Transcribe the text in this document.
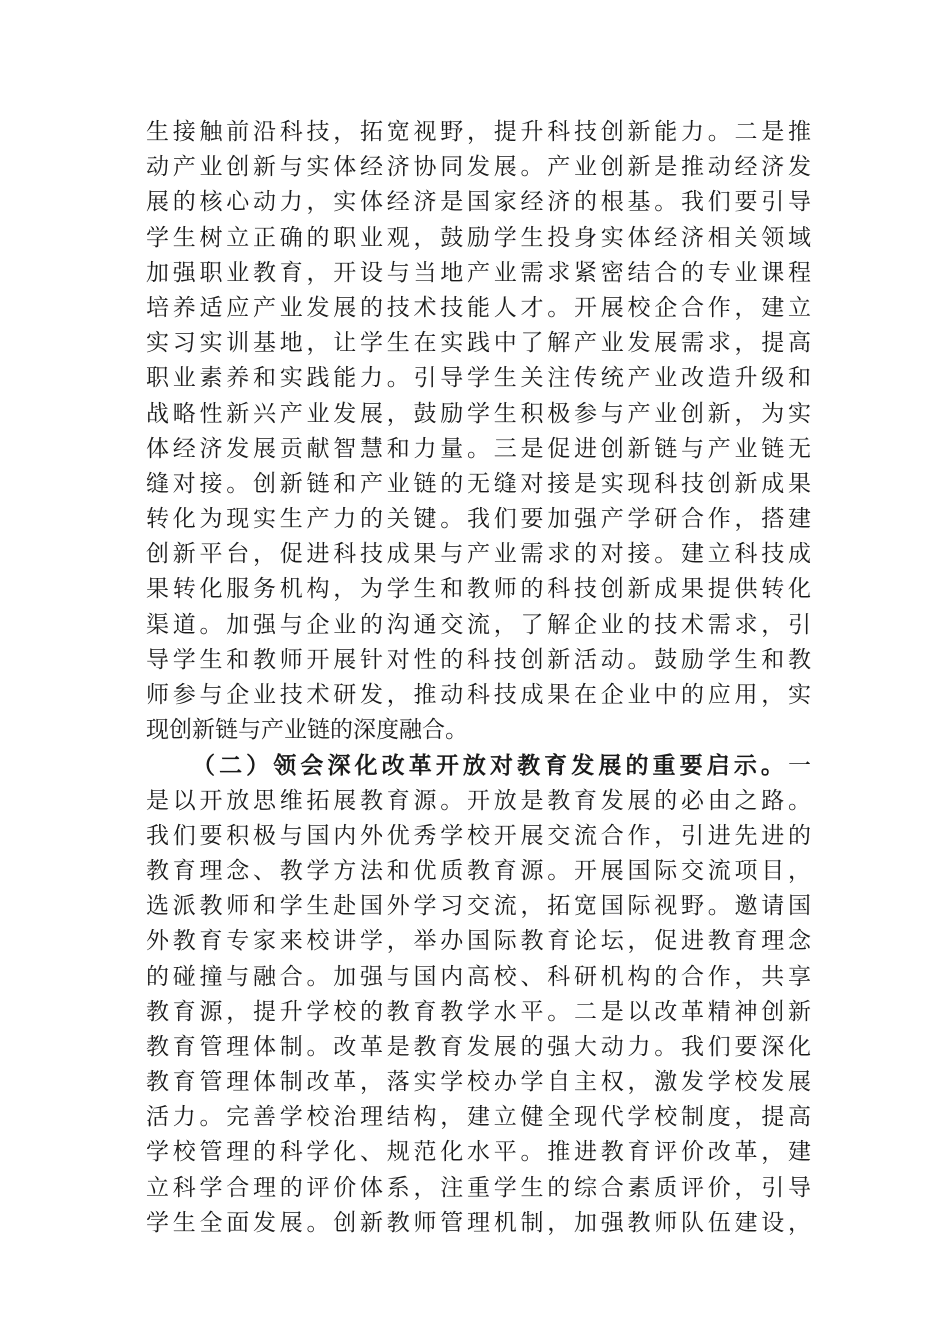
生接触前沿科技，拓宽视野，提升科技创新能力。二是推
动产业创新与实体经济协同发展。产业创新是推动经济发
展的核心动力，实体经济是国家经济的根基。我们要引导
学生树立正确的职业观，鼓励学生投身实体经济相关领域
加强职业教育，开设与当地产业需求紧密结合的专业课程
培养适应产业发展的技术技能人才。开展校企合作，建立
实习实训基地，让学生在实践中了解产业发展需求，提高
职业素养和实践能力。引导学生关注传统产业改造升级和
战略性新兴产业发展，鼓励学生积极参与产业创新，为实
体经济发展贡献智慧和力量。三是促进创新链与产业链无
缝对接。创新链和产业链的无缝对接是实现科技创新成果
转化为现实生产力的关键。我们要加强产学研合作，搭建
创新平台，促进科技成果与产业需求的对接。建立科技成
果转化服务机构，为学生和教师的科技创新成果提供转化
渠道。加强与企业的沟通交流，了解企业的技术需求，引
导学生和教师开展针对性的科技创新活动。鼓励学生和教
师参与企业技术研发，推动科技成果在企业中的应用，实
现创新链与产业链的深度融合。
（二）领会深化改革开放对教育发展的重要启示。一
是以开放思维拓展教育源。开放是教育发展的必由之路。
我们要积极与国内外优秀学校开展交流合作，引进先进的
教育理念、教学方法和优质教育源。开展国际交流项目，
选派教师和学生赴国外学习交流，拓宽国际视野。邀请国
外教育专家来校讲学，举办国际教育论坛，促进教育理念
的碰撞与融合。加强与国内高校、科研机构的合作，共享
教育源，提升学校的教育教学水平。二是以改革精神创新
教育管理体制。改革是教育发展的强大动力。我们要深化
教育管理体制改革，落实学校办学自主权，激发学校发展
活力。完善学校治理结构，建立健全现代学校制度，提高
学校管理的科学化、规范化水平。推进教育评价改革，建
立科学合理的评价体系，注重学生的综合素质评价，引导
学生全面发展。创新教师管理机制，加强教师队伍建设，
